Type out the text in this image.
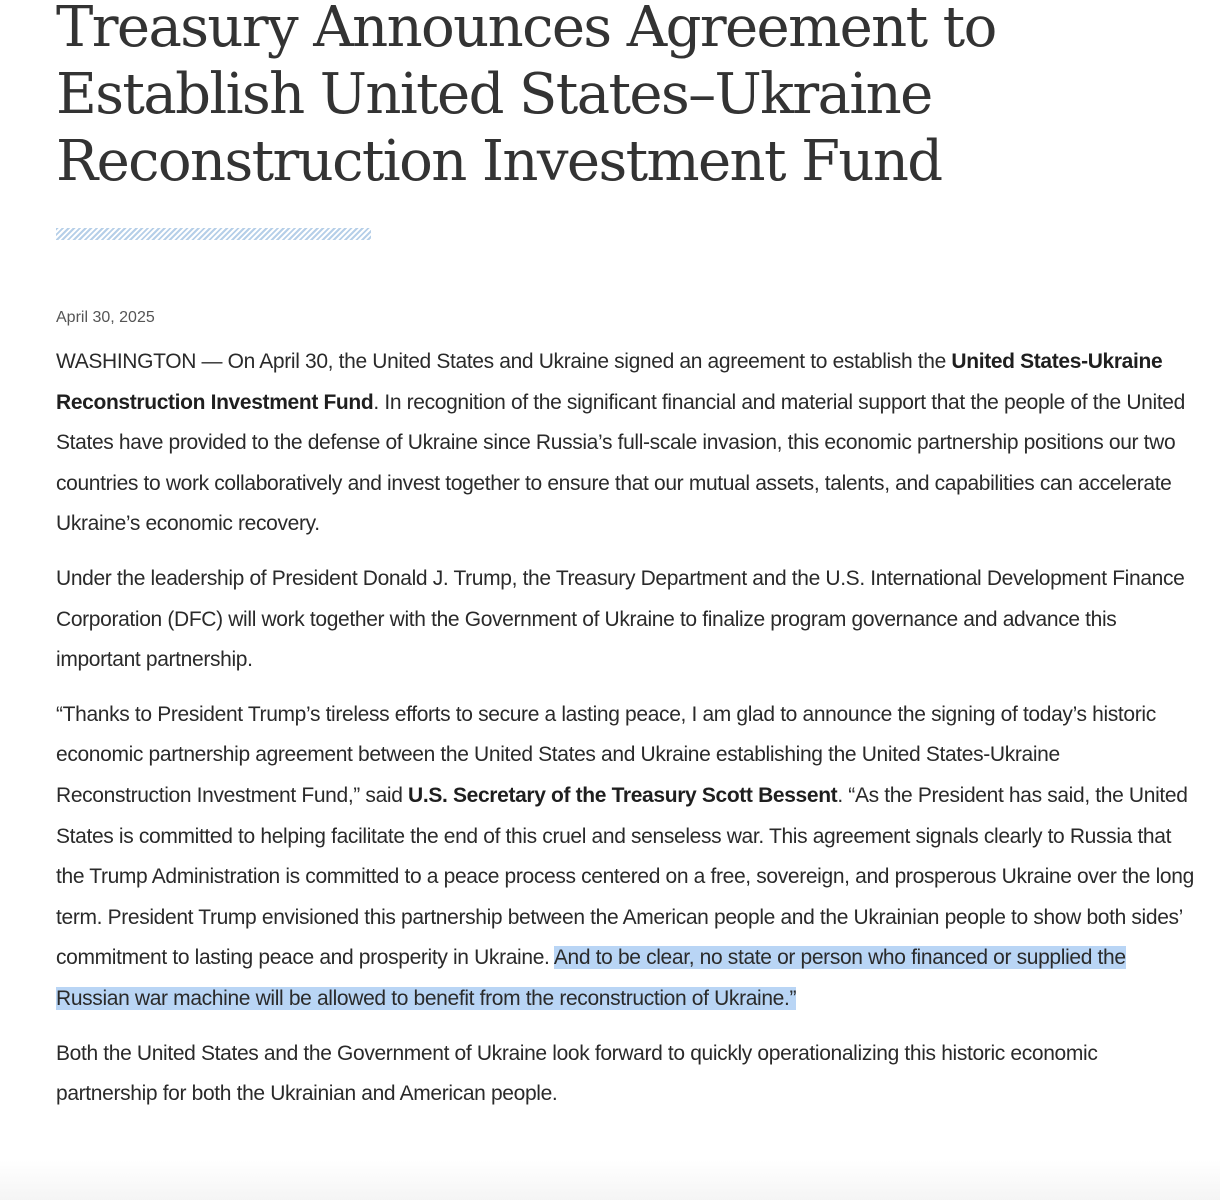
Treasury Announces Agreement to Establish United States–Ukraine Reconstruction Investment Fund
April 30, 2025

WASHINGTON — On April 30, the United States and Ukraine signed an agreement to establish the United States-Ukraine Reconstruction Investment Fund. In recognition of the significant financial and material support that the people of the United States have provided to the defense of Ukraine since Russia’s full-scale invasion, this economic partnership positions our two countries to work collaboratively and invest together to ensure that our mutual assets, talents, and capabilities can accelerate Ukraine’s economic recovery.

Under the leadership of President Donald J. Trump, the Treasury Department and the U.S. International Development Finance Corporation (DFC) will work together with the Government of Ukraine to finalize program governance and advance this important partnership.

“Thanks to President Trump’s tireless efforts to secure a lasting peace, I am glad to announce the signing of today’s historic economic partnership agreement between the United States and Ukraine establishing the United States-Ukraine Reconstruction Investment Fund,” said U.S. Secretary of the Treasury Scott Bessent. “As the President has said, the United States is committed to helping facilitate the end of this cruel and senseless war. This agreement signals clearly to Russia that the Trump Administration is committed to a peace process centered on a free, sovereign, and prosperous Ukraine over the long term. President Trump envisioned this partnership between the American people and the Ukrainian people to show both sides’ commitment to lasting peace and prosperity in Ukraine. And to be clear, no state or person who financed or supplied the Russian war machine will be allowed to benefit from the reconstruction of Ukraine.”

Both the United States and the Government of Ukraine look forward to quickly operationalizing this historic economic partnership for both the Ukrainian and American people.
